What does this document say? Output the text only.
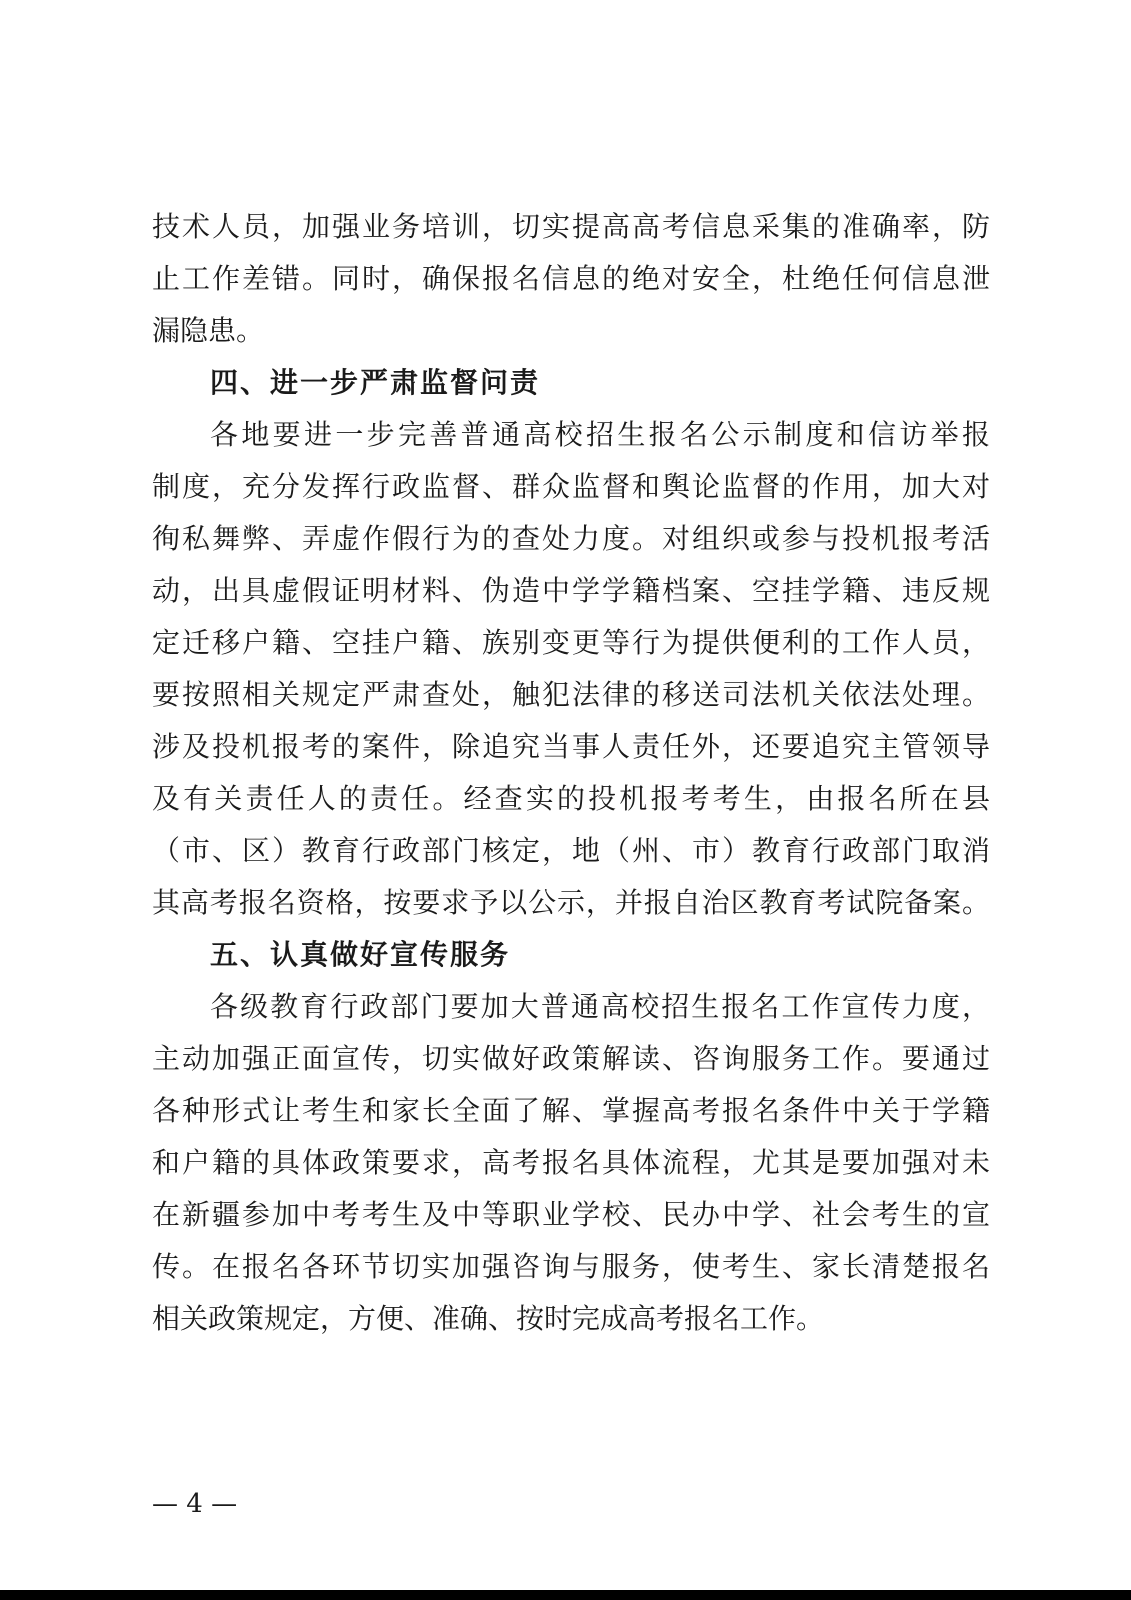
技术人员，加强业务培训，切实提高高考信息采集的准确率，防
止工作差错。同时，确保报名信息的绝对安全，杜绝任何信息泄
漏隐患。
四、进一步严肃监督问责
各地要进一步完善普通高校招生报名公示制度和信访举报
制度，充分发挥行政监督、群众监督和舆论监督的作用，加大对
徇私舞弊、弄虚作假行为的查处力度。对组织或参与投机报考活
动，出具虚假证明材料、伪造中学学籍档案、空挂学籍、违反规
定迁移户籍、空挂户籍、族别变更等行为提供便利的工作人员，
要按照相关规定严肃查处，触犯法律的移送司法机关依法处理。
涉及投机报考的案件，除追究当事人责任外，还要追究主管领导
及有关责任人的责任。经查实的投机报考考生，由报名所在县
（市、区）教育行政部门核定，地（州、市）教育行政部门取消
其高考报名资格，按要求予以公示，并报自治区教育考试院备案。
五、认真做好宣传服务
各级教育行政部门要加大普通高校招生报名工作宣传力度，
主动加强正面宣传，切实做好政策解读、咨询服务工作。要通过
各种形式让考生和家长全面了解、掌握高考报名条件中关于学籍
和户籍的具体政策要求，高考报名具体流程，尤其是要加强对未
在新疆参加中考考生及中等职业学校、民办中学、社会考生的宣
传。在报名各环节切实加强咨询与服务，使考生、家长清楚报名
相关政策规定，方便、准确、按时完成高考报名工作。
— 4 —
